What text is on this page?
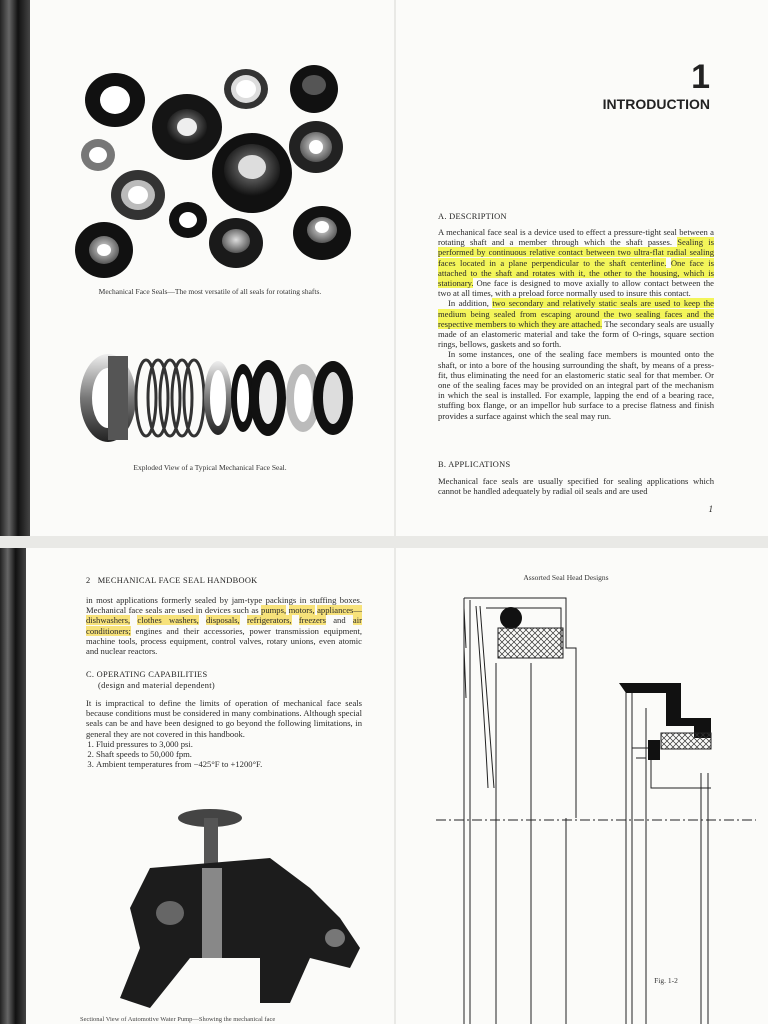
Mechanical Face Seals—The most versatile of all seals for rotating shafts.
Exploded View of a Typical Mechanical Face Seal.
1
INTRODUCTION
A. DESCRIPTION

A mechanical face seal is a device used to effect a pressure-tight seal between a rotating shaft and a member through which the shaft passes. Sealing is performed by continuous relative contact between two ultra-flat radial sealing faces located in a plane perpendicular to the shaft centerline. One face is attached to the shaft and rotates with it, the other to the housing, which is stationary. One face is designed to move axially to allow contact between the two at all times, with a preload force normally used to insure this contact.

In addition, two secondary and relatively static seals are used to keep the medium being sealed from escaping around the two sealing faces and the respective members to which they are attached. The secondary seals are usually made of an elastomeric material and take the form of O-rings, square section rings, bellows, gaskets and so forth.

In some instances, one of the sealing face members is mounted onto the shaft, or into a bore of the housing surrounding the shaft, by means of a press-fit, thus eliminating the need for an elastomeric static seal for that member. Or one of the sealing faces may be provided on an integral part of the mechanism in which the seal is installed. For example, lapping the end of a bearing race, stuffing box flange, or an impellor hub surface to a precise flatness and finish provides a surface against which the seal may run.

B. APPLICATIONS
Mechanical face seals are usually specified for sealing applications which cannot be handled adequately by radial oil seals and are used
1
2 MECHANICAL FACE SEAL HANDBOOK

in most applications formerly sealed by jam-type packings in stuffing boxes. Mechanical face seals are used in devices such as pumps, motors, appliances—dishwashers, clothes washers, disposals, refrigerators, freezers and air conditioners; engines and their accessories, power transmission equipment, machine tools, process equipment, control valves, rotary unions, even atomic and nuclear reactors.

C. OPERATING CAPABILITIES
(design and material dependent)

It is impractical to define the limits of operation of mechanical face seals because conditions must be considered in many combinations. Although special seals can be and have been designed to go beyond the following limitations, in general they are not covered in this handbook.

1. Fluid pressures to 3,000 psi.
2. Shaft speeds to 50,000 fpm.
3. Ambient temperatures from −425°F to +1200°F.
Sectional View of Automotive Water Pump—Showing the mechanical face
Assorted Seal Head Designs
Fig. 1-2
